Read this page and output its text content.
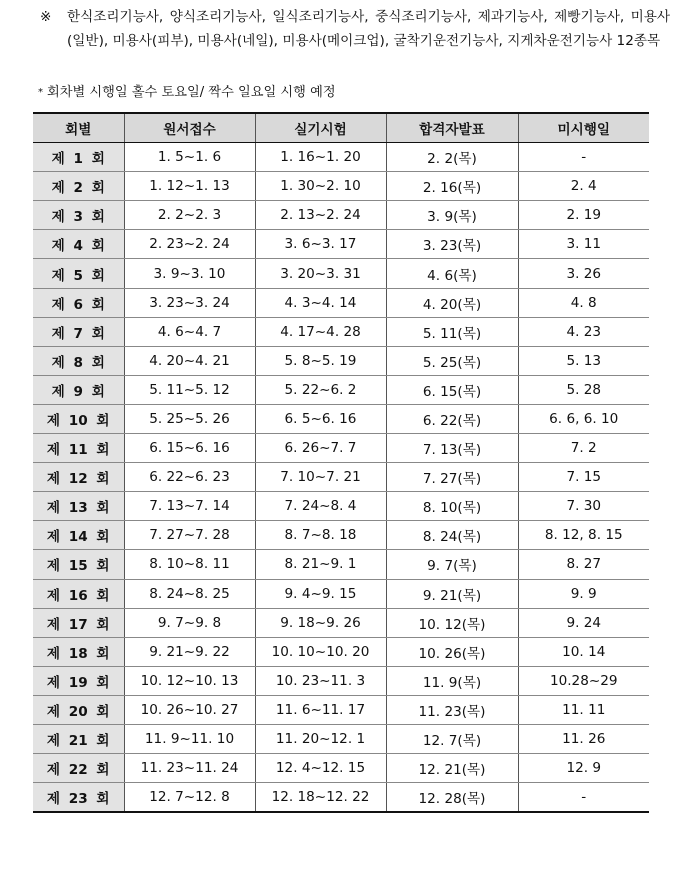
※ 한식조리기능사, 양식조리기능사, 일식조리기능사, 중식조리기능사, 제과기능사, 제빵기능사, 미용사(일반), 미용사(피부), 미용사(네일), 미용사(메이크업), 굴착기운전기능사, 지게차운전기능사 12종목
* 회차별 시행일 홀수 토요일/ 짝수 일요일 시행 예정
회별	원서접수	실기시험	합격자발표	미시행일
제 1 회	1. 5~1. 6	1. 16~1. 20	2. 2(목)	-
제 2 회	1. 12~1. 13	1. 30~2. 10	2. 16(목)	2. 4
제 3 회	2. 2~2. 3	2. 13~2. 24	3. 9(목)	2. 19
제 4 회	2. 23~2. 24	3. 6~3. 17	3. 23(목)	3. 11
제 5 회	3. 9~3. 10	3. 20~3. 31	4. 6(목)	3. 26
제 6 회	3. 23~3. 24	4. 3~4. 14	4. 20(목)	4. 8
제 7 회	4. 6~4. 7	4. 17~4. 28	5. 11(목)	4. 23
제 8 회	4. 20~4. 21	5. 8~5. 19	5. 25(목)	5. 13
제 9 회	5. 11~5. 12	5. 22~6. 2	6. 15(목)	5. 28
제 10 회	5. 25~5. 26	6. 5~6. 16	6. 22(목)	6. 6, 6. 10
제 11 회	6. 15~6. 16	6. 26~7. 7	7. 13(목)	7. 2
제 12 회	6. 22~6. 23	7. 10~7. 21	7. 27(목)	7. 15
제 13 회	7. 13~7. 14	7. 24~8. 4	8. 10(목)	7. 30
제 14 회	7. 27~7. 28	8. 7~8. 18	8. 24(목)	8. 12, 8. 15
제 15 회	8. 10~8. 11	8. 21~9. 1	9. 7(목)	8. 27
제 16 회	8. 24~8. 25	9. 4~9. 15	9. 21(목)	9. 9
제 17 회	9. 7~9. 8	9. 18~9. 26	10. 12(목)	9. 24
제 18 회	9. 21~9. 22	10. 10~10. 20	10. 26(목)	10. 14
제 19 회	10. 12~10. 13	10. 23~11. 3	11. 9(목)	10.28~29
제 20 회	10. 26~10. 27	11. 6~11. 17	11. 23(목)	11. 11
제 21 회	11. 9~11. 10	11. 20~12. 1	12. 7(목)	11. 26
제 22 회	11. 23~11. 24	12. 4~12. 15	12. 21(목)	12. 9
제 23 회	12. 7~12. 8	12. 18~12. 22	12. 28(목)	-
